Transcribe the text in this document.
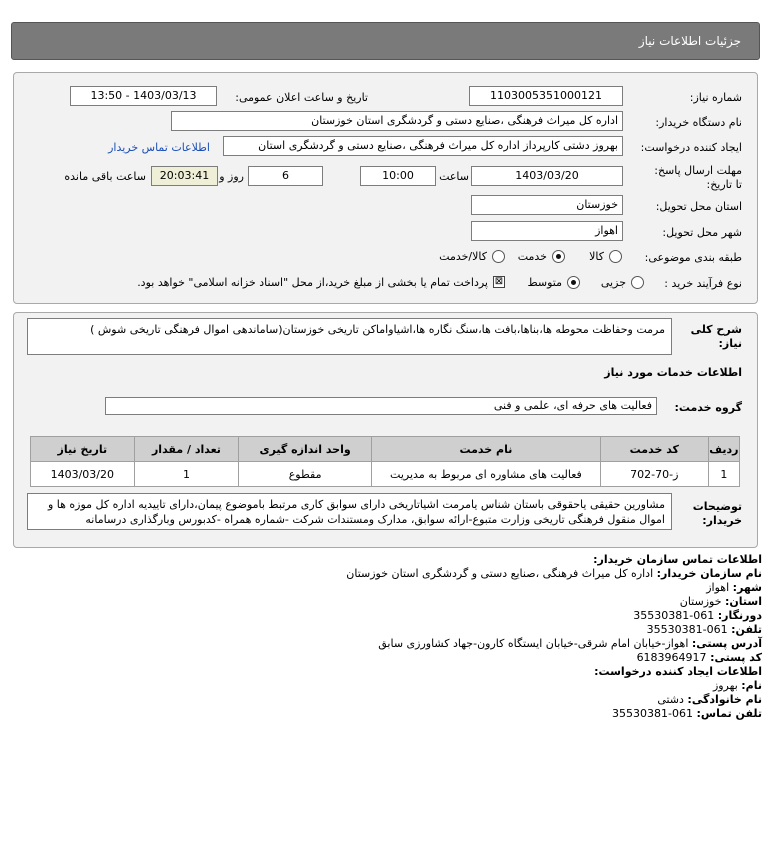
جزئیات اطلاعات نیاز
شماره نیاز:
1103005351000121
تاریخ و ساعت اعلان عمومی:
1403/03/13 - 13:50
نام دستگاه خریدار:
اداره کل میراث فرهنگی ،صنایع دستی و گردشگری استان خوزستان
ایجاد کننده درخواست:
بهروز دشتی کارپرداز اداره کل میراث فرهنگی ،صنایع دستی و گردشگری استان
اطلاعات تماس خریدار
مهلت ارسال پاسخ: تا تاریخ:
1403/03/20
ساعت
10:00
6
روز و
20:03:41
ساعت باقی مانده
استان محل تحویل:
خوزستان
شهر محل تحویل:
اهواز
طبقه بندی موضوعی:
کالا
خدمت
کالا/خدمت
نوع فرآیند خرید :
جزیی
متوسط
⊠
پرداخت تمام یا بخشی از مبلغ خرید،از محل "اسناد خزانه اسلامی" خواهد بود.
شرح کلی نیاز:
مرمت وحفاظت محوطه ها،بناها،بافت ها،سنگ نگاره ها،اشیاواماکن تاریخی خوزستان(ساماندهی اموال فرهنگی تاریخی شوش )
اطلاعات خدمات مورد نیاز
گروه خدمت:
فعالیت های حرفه ای، علمی و فنی
ردیف	کد خدمت	نام خدمت	واحد اندازه گیری	تعداد / مقدار	تاریخ نیاز
1	ز-70-702	فعالیت های مشاوره ای مربوط به مدیریت	مقطوع	1	1403/03/20
توضیحات خریدار:
مشاورین حقیقی یاحقوقی باستان شناس یامرمت اشیاتاریخی دارای سوابق کاری مرتبط باموضوع پیمان،دارای تاییدیه اداره کل موزه ها و اموال منقول فرهنگی تاریخی وزارت متبوع-ارائه سوابق، مدارک ومستندات شرکت -شماره همراه -کدبورس وبارگذاری درسامانه
اطلاعات تماس سازمان خریدار:
نام سازمان خریدار: اداره کل میراث فرهنگی ،صنایع دستی و گردشگری استان خوزستان
شهر: اهواز
استان: خوزستان
دورنگار: 061-35530381
تلفن: 061-35530381
آدرس پستی: اهواز-خیابان امام شرقی-خیابان ایستگاه کارون-جهاد کشاورزی سابق
کد پستی: 6183964917
اطلاعات ایجاد کننده درخواست:
نام: بهروز
نام خانوادگی: دشتی
تلفن تماس: 061-35530381
